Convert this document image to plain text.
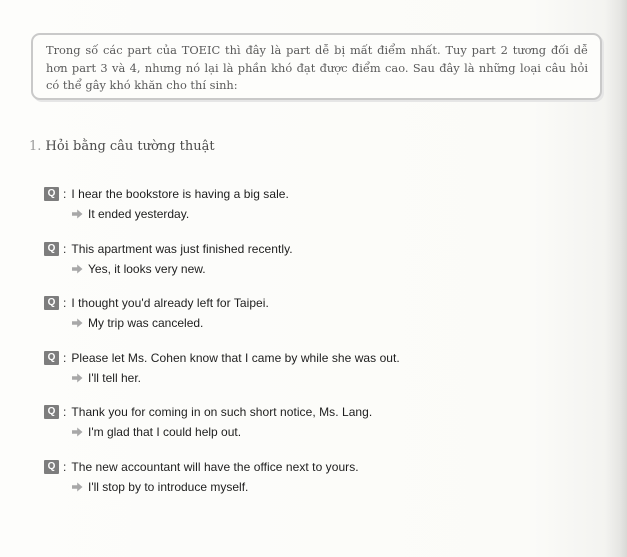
Trong số các part của TOEIC thì đây là part dễ bị mất điểm nhất. Tuy part 2 tương đối dễ hơn part 3 và 4, nhưng nó lại là phần khó đạt được điểm cao. Sau đây là những loại câu hỏi có thể gây khó khăn cho thí sinh:

1. Hỏi bằng câu tường thuật
Q : I hear the bookstore is having a big sale.
It ended yesterday.
Q : This apartment was just finished recently.
Yes, it looks very new.
Q : I thought you'd already left for Taipei.
My trip was canceled.
Q : Please let Ms. Cohen know that I came by while she was out.
I'll tell her.
Q : Thank you for coming in on such short notice, Ms. Lang.
I'm glad that I could help out.
Q : The new accountant will have the office next to yours.
I'll stop by to introduce myself.
